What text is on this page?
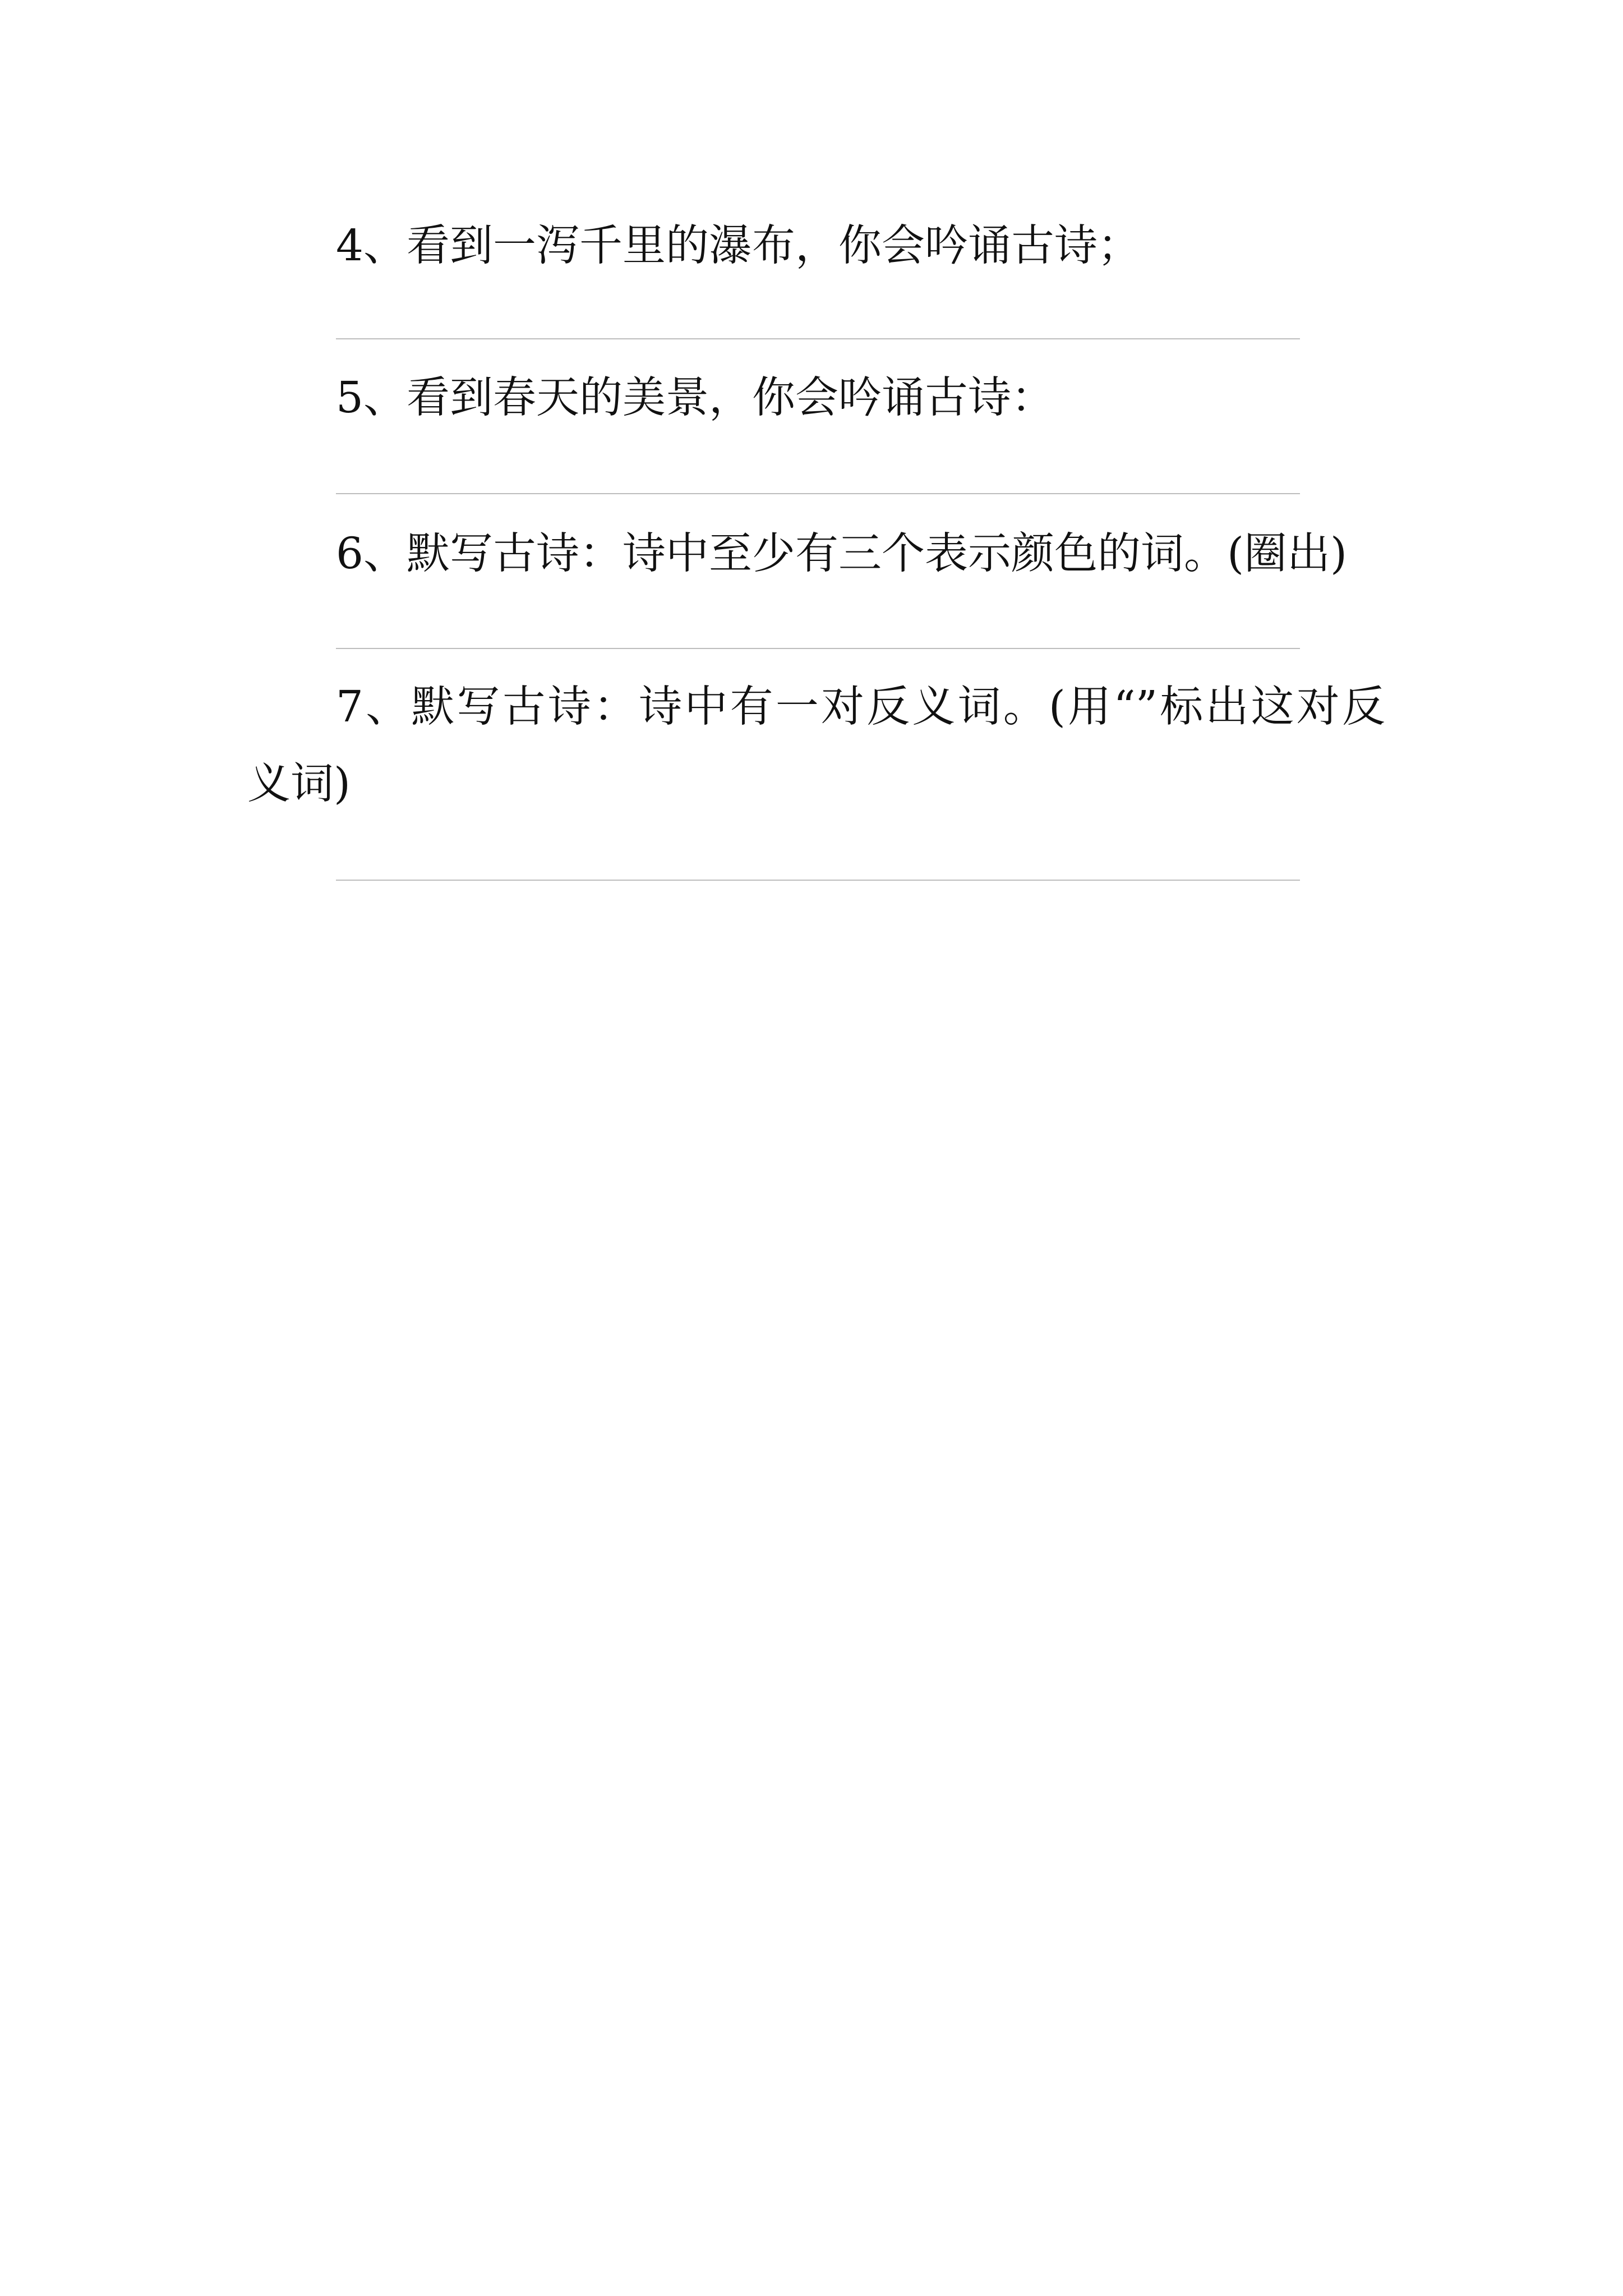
4、看到一泻千里的瀑布，你会吟诵古诗；
5、看到春天的美景，你会吟诵古诗：
6、默写古诗：诗中至少有三个表示颜色的词。(圈出)
7、默写古诗：诗中有一对反义词。(用“”标出这对反
义词)
